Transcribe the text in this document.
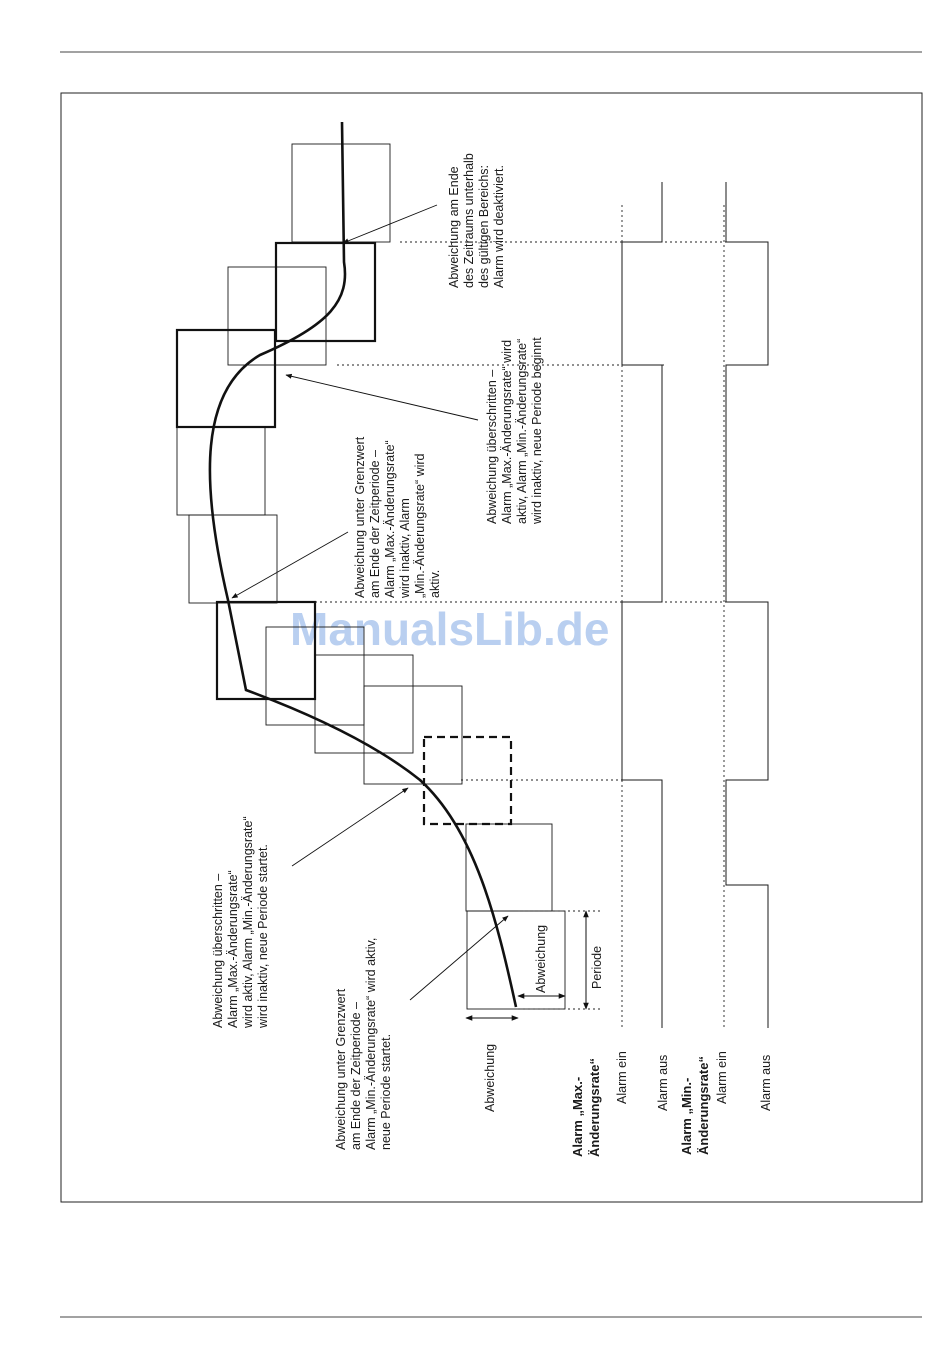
ManualsLib.de
Abweichung
Abweichung	Periode
Alarm „Max.- Änderungsrate“ Alarm ein Alarm aus Alarm „Min.- Änderungsrate“ Alarm ein Alarm aus
Abweichung unter Grenzwert am Ende der Zeitperiode – Alarm „Min.-Änderungsrate“ wird aktiv, neue Periode startet.
Abweichung überschritten – Alarm „Max.-Änderungsrate“ wird aktiv, Alarm „Min.-Änderungsrate“ wird inaktiv, neue Periode startet.
Abweichung unter Grenzwert am Ende der Zeitperiode – Alarm „Max.-Änderungsrate“ wird inaktiv, Alarm „Min.-Änderungsrate“ wird aktiv.
Abweichung überschritten – Alarm „Max.-Änderungsrate“ wird aktiv, Alarm „Min.-Änderungsrate“ wird inaktiv, neue Periode beginnt
Abweichung am Ende des Zeitraums unterhalb des gültigen Bereichs: Alarm wird deaktiviert.
